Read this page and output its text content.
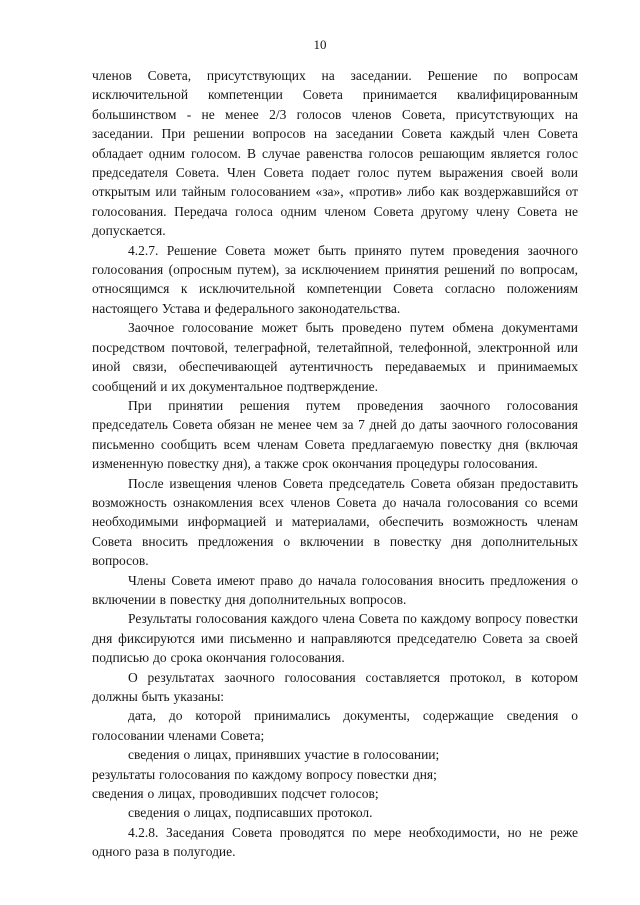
10

членов Совета, присутствующих на заседании. Решение по вопросам исключительной компетенции Совета принимается квалифицированным большинством - не менее 2/3 голосов членов Совета, присутствующих на заседании. При решении вопросов на заседании Совета каждый член Совета обладает одним голосом. В случае равенства голосов решающим является голос председателя Совета. Член Совета подает голос путем выражения своей воли открытым или тайным голосованием «за», «против» либо как воздержавшийся от голосования. Передача голоса одним членом Совета другому члену Совета не допускается.

4.2.7. Решение Совета может быть принято путем проведения заочного голосования (опросным путем), за исключением принятия решений по вопросам, относящимся к исключительной компетенции Совета согласно положениям настоящего Устава и федерального законодательства.

Заочное голосование может быть проведено путем обмена документами посредством почтовой, телеграфной, телетайпной, телефонной, электронной или иной связи, обеспечивающей аутентичность передаваемых и принимаемых сообщений и их документальное подтверждение.

При принятии решения путем проведения заочного голосования председатель Совета обязан не менее чем за 7 дней до даты заочного голосования письменно сообщить всем членам Совета предлагаемую повестку дня (включая измененную повестку дня), а также срок окончания процедуры голосования.

После извещения членов Совета председатель Совета обязан предоставить возможность ознакомления всех членов Совета до начала голосования со всеми необходимыми информацией и материалами, обеспечить возможность членам Совета вносить предложения о включении в повестку дня дополнительных вопросов.

Члены Совета имеют право до начала голосования вносить предложения о включении в повестку дня дополнительных вопросов.

Результаты голосования каждого члена Совета по каждому вопросу повестки дня фиксируются ими письменно и направляются председателю Совета за своей подписью до срока окончания голосования.

О результатах заочного голосования составляется протокол, в котором должны быть указаны:

дата, до которой принимались документы, содержащие сведения о голосовании членами Совета;

сведения о лицах, принявших участие в голосовании;

результаты голосования по каждому вопросу повестки дня;

сведения о лицах, проводивших подсчет голосов;

сведения о лицах, подписавших протокол.

4.2.8. Заседания Совета проводятся по мере необходимости, но не реже одного раза в полугодие.
